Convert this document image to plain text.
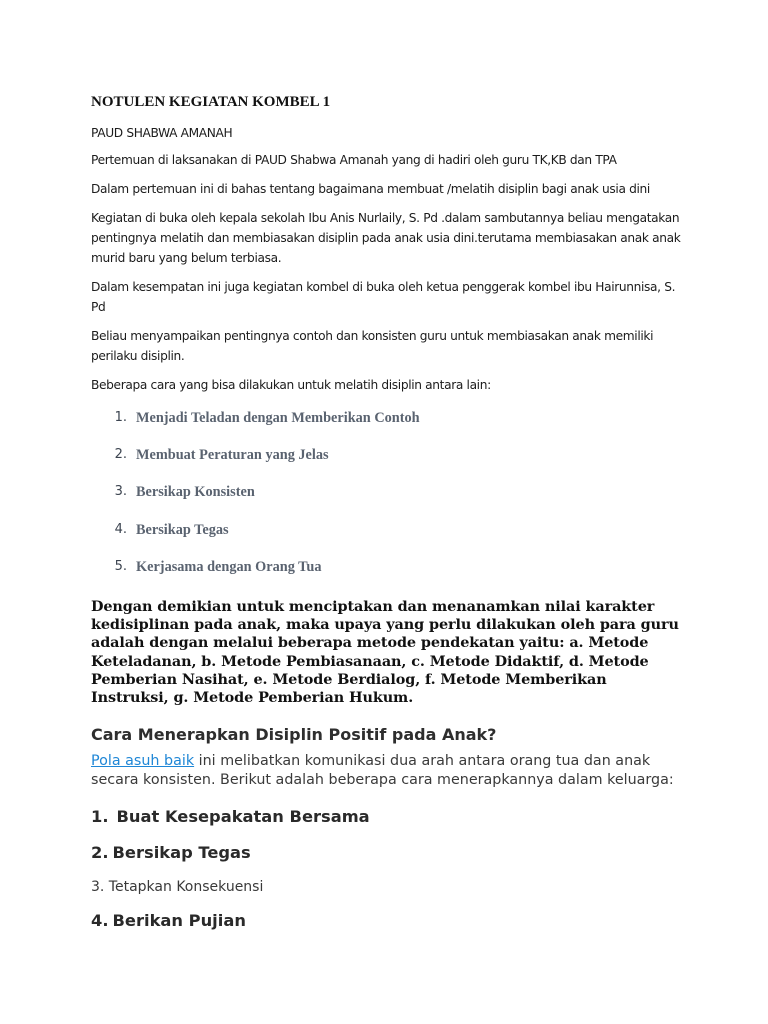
NOTULEN KEGIATAN KOMBEL 1
PAUD SHABWA AMANAH
Pertemuan di laksanakan di PAUD Shabwa Amanah yang di hadiri oleh guru TK,KB dan TPA
Dalam pertemuan ini di bahas tentang bagaimana membuat /melatih disiplin bagi anak usia dini
Kegiatan di buka oleh kepala sekolah Ibu Anis Nurlaily, S. Pd .dalam sambutannya beliau mengatakan pentingnya melatih dan membiasakan disiplin pada anak usia dini.terutama membiasakan anak anak murid baru yang belum terbiasa.
Dalam kesempatan ini juga kegiatan kombel di buka oleh ketua penggerak kombel ibu Hairunnisa, S. Pd
Beliau menyampaikan pentingnya contoh dan konsisten guru untuk membiasakan anak memiliki perilaku disiplin.
Beberapa cara yang bisa dilakukan untuk melatih disiplin antara lain:
1. Menjadi Teladan dengan Memberikan Contoh
2. Membuat Peraturan yang Jelas
3. Bersikap Konsisten
4. Bersikap Tegas
5. Kerjasama dengan Orang Tua
Dengan demikian untuk menciptakan dan menanamkan nilai karakter kedisiplinan pada anak, maka upaya yang perlu dilakukan oleh para guru adalah dengan melalui beberapa metode pendekatan yaitu: a. Metode Keteladanan, b. Metode Pembiasanaan, c. Metode Didaktif, d. Metode Pemberian Nasihat, e. Metode Berdialog, f. Metode Memberikan Instruksi, g. Metode Pemberian Hukum.
Cara Menerapkan Disiplin Positif pada Anak?
Pola asuh baik ini melibatkan komunikasi dua arah antara orang tua dan anak secara konsisten. Berikut adalah beberapa cara menerapkannya dalam keluarga:
1. Buat Kesepakatan Bersama
2. Bersikap Tegas
3. Tetapkan Konsekuensi
4. Berikan Pujian
